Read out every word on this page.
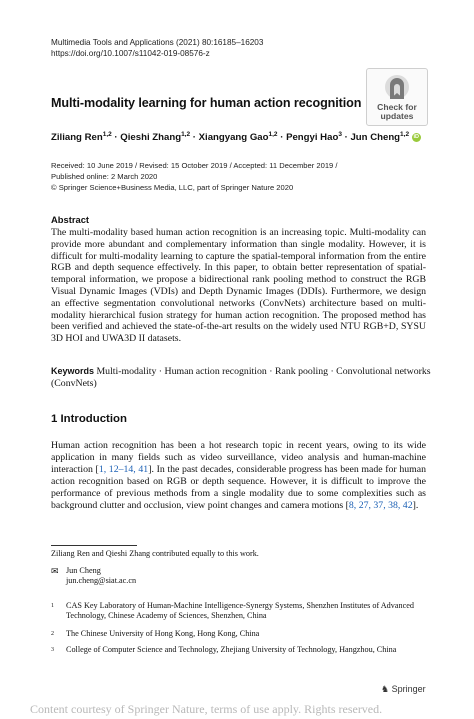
Multimedia Tools and Applications (2021) 80:16185–16203
https://doi.org/10.1007/s11042-019-08576-z
Check for
updates
Multi-modality learning for human action recognition
Ziliang Ren$^{1,2}$ · Qieshi Zhang$^{1,2}$ · Xiangyang Gao$^{1,2}$ · Pengyi Hao$^3$ · Jun Cheng$^{1,2}$ iD
Received: 10 June 2019 / Revised: 15 October 2019 / Accepted: 11 December 2019 /
Published online: 2 March 2020
© Springer Science+Business Media, LLC, part of Springer Nature 2020
Abstract
The multi-modality based human action recognition is an increasing topic. Multi-modality can provide more abundant and complementary information than single modality. However, it is difficult for multi-modality learning to capture the spatial-temporal information from the entire RGB and depth sequence effectively. In this paper, to obtain better representation of spatial-temporal information, we propose a bidirectional rank pooling method to construct the RGB Visual Dynamic Images (VDIs) and Depth Dynamic Images (DDIs). Furthermore, we design an effective segmentation convolutional networks (ConvNets) architecture based on multi-modality hierarchical fusion strategy for human action recognition. The proposed method has been verified and achieved the state-of-the-art results on the widely used NTU RGB+D, SYSU 3D HOI and UWA3D II datasets.
Keywords Multi-modality · Human action recognition · Rank pooling · Convolutional networks (ConvNets)
1 Introduction
Human action recognition has been a hot research topic in recent years, owing to its wide application in many fields such as video surveillance, video analysis and human-machine interaction [1, 12–14, 41]. In the past decades, considerable progress has been made for human action recognition based on RGB or depth sequence. However, it is difficult to improve the performance of previous methods from a single modality due to some complexities such as background clutter and occlusion, view point changes and camera motions [8, 27, 37, 38, 42].
Ziliang Ren and Qieshi Zhang contributed equally to this work.
✉ Jun Cheng
jun.cheng@siat.ac.cn
1 CAS Key Laboratory of Human-Machine Intelligence-Synergy Systems, Shenzhen Institutes of Advanced Technology, Chinese Academy of Sciences, Shenzhen, China
2 The Chinese University of Hong Kong, Hong Kong, China
3 College of Computer Science and Technology, Zhejiang University of Technology, Hangzhou, China
♞ Springer
Content courtesy of Springer Nature, terms of use apply. Rights reserved.
